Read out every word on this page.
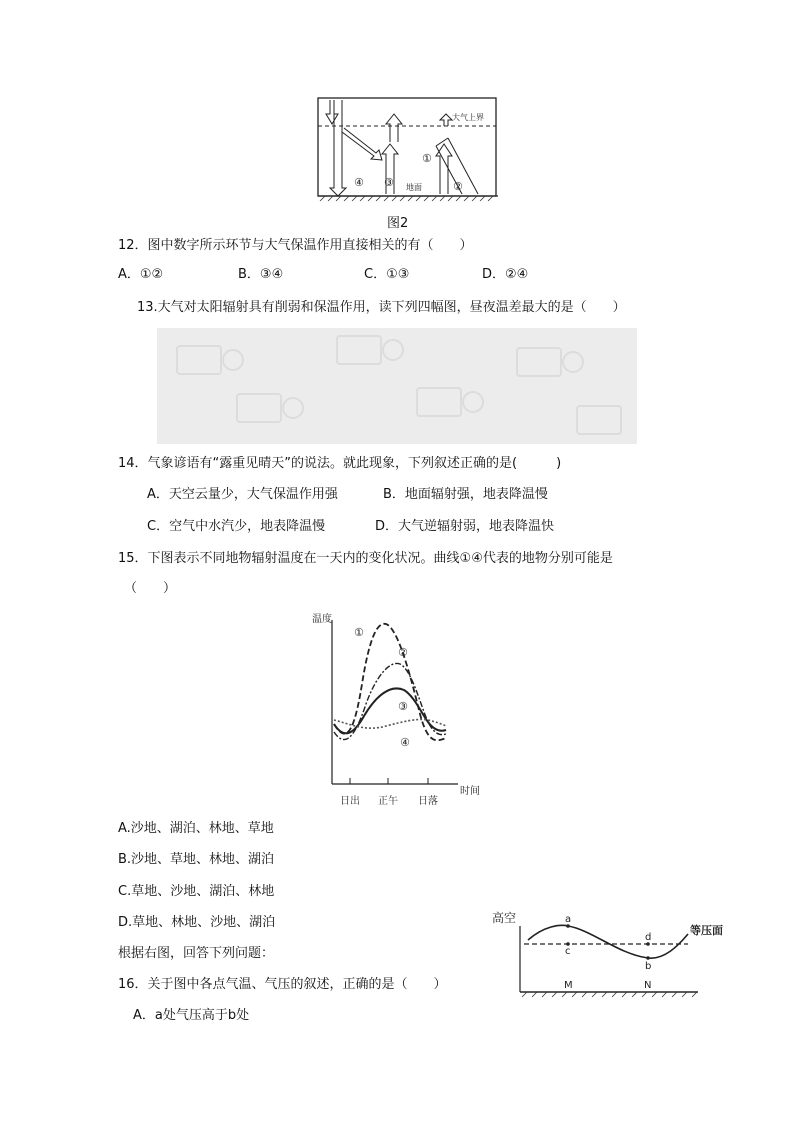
大气上界
地面
①
②
③
④
图2
12．图中数字所示环节与大气保温作用直接相关的有（　　）
A．①②	B．③④	C．①③	D．②④
13.大气对太阳辐射具有削弱和保温作用，读下列四幅图，昼夜温差最大的是（　　）
14．气象谚语有“露重见晴天”的说法。就此现象，下列叙述正确的是(　　　)
A．天空云量少，大气保温作用强	B．地面辐射强，地表降温慢
C．空气中水汽少，地表降温慢	D．大气逆辐射弱，地表降温快
15．下图表示不同地物辐射温度在一天内的变化状况。曲线①④代表的地物分别可能是
（　　）
温度
时间
日出 正午 日落
①
②
③
④
A.沙地、湖泊、林地、草地
B.沙地、草地、林地、湖泊
C.草地、沙地、湖泊、林地
D.草地、林地、沙地、湖泊
根据右图，回答下列问题：
高空
等压面
a
c
b
d
M	N
16．关于图中各点气温、气压的叙述，正确的是（　　）
A．a处气压高于b处
